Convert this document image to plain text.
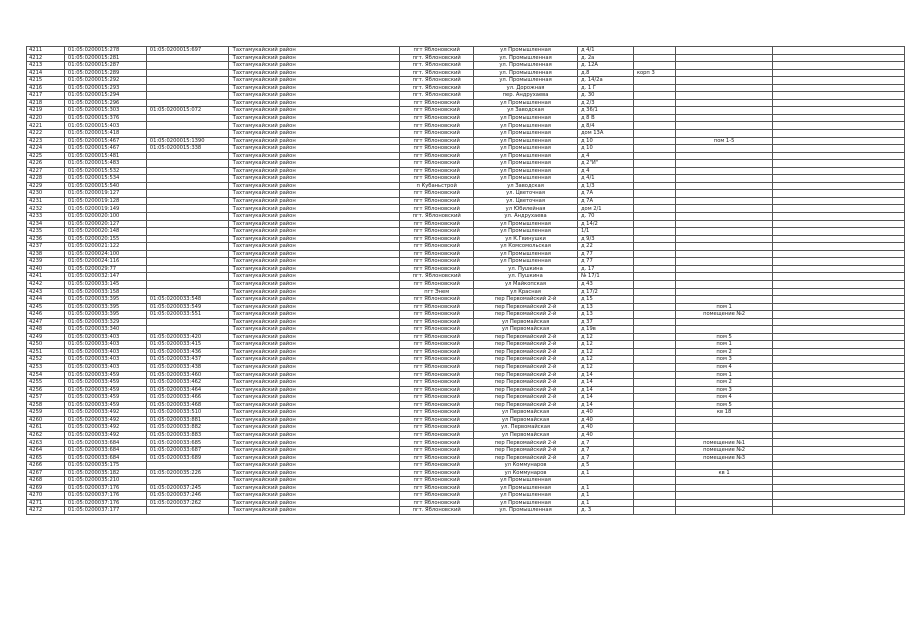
4211	01:05:0200015:278	01:05:0200015:697	Тахтамукайский район	пгт Яблоновский	ул Промышленная	д 4/1			
4212	01:05:0200015:281		Тахтамукайский район	пгт. Яблоновский	ул. Промышленная	д. 2а			
4213	01:05:0200015:287		Тахтамукайский район	пгт. Яблоновский	ул. Промышленная	д. 12А			
4214	01:05:0200015:289		Тахтамукайский район	пгт. Яблоновский	ул. Промышленная	д.8	корп 3		
4215	01:05:0200015:292		Тахтамукайский район	пгт. Яблоновский	ул. Промышленная	д. 14/2а			
4216	01:05:0200015:293		Тахтамукайский район	пгт. Яблоновский	ул. Дорожная	д. 1 Г			
4217	01:05:0200015:294		Тахтамукайский район	пгт. Яблоновский	пер. Андрухаева	д. 30			
4218	01:05:0200015:296		Тахтамукайский район	пгт Яблоновский	ул Промышленная	д 2/3			
4219	01:05:0200015:303	01:05:0200015:072	Тахтамукайский район	пгт Яблоновский	ул Заводская	д 36/1			
4220	01:05:0200015:376		Тахтамукайский район	пгт Яблоновский	ул Промышленная	д 8 В			
4221	01:05:0200015:403		Тахтамукайский район	пгт Яблоновский	ул Промышленная	д 8/4			
4222	01:05:0200015:418		Тахтамукайский район	пгт Яблоновский	ул Промышленная	дом 13А			
4223	01:05:0200015:467	01:05:0200015:1390	Тахтамукайский район	пгт Яблоновский	ул Промышленная	д 10		пом 1-5	
4224	01:05:0200015:467	01:05:0200015:338	Тахтамукайский район	пгт Яблоновский	ул Промышленная	д 10			
4225	01:05:0200015:481		Тахтамукайский район	пгт Яблоновский	ул Промышленная	д 4			
4226	01:05:0200015:483		Тахтамукайский район	пгт Яблоновский	ул Промышленная	д 2"И"			
4227	01:05:0200015:532		Тахтамукайский район	пгт Яблоновский	ул Промышленная	д 4			
4228	01:05:0200015:534		Тахтамукайский район	пгт Яблоновский	ул Промышленная	д 4/1			
4229	01:05:0200015:540		Тахтамукайский район	п Кубаньстрой	ул Заводская	д 1/3			
4230	01:05:0200019:127		Тахтамукайский район	пгт Яблоновский	ул. Цветочная	д 7А			
4231	01:05:0200019:128		Тахтамукайский район	пгт Яблоновский	ул. Цветочная	д 7А			
4232	01:05:0200019:149		Тахтамукайский район	пгт Яблоновский	ул Юбилейная	дом 2/1			
4233	01:05:0200020:100		Тахтамукайский район	пгт. Яблоновский	ул. Андрухаева	д. 70			
4234	01:05:0200020:127		Тахтамукайский район	пгт Яблоновский	ул Промышленная	д 14/2			
4235	01:05:0200020:148		Тахтамукайский район	пгт Яблоновский	ул Промышленная	1/1			
4236	01:05:0200020:155		Тахтамукайский район	пгт Яблоновский	ул К.Гвинушки	д 9/3			
4237	01:05:0200021:122		Тахтамукайский район	пгт Яблоновский	ул Комсомольская	д 22			
4238	01:05:0200024:100		Тахтамукайский район	пгт Яблоновский	ул Промышленная	д 77			
4239	01:05:0200024:116		Тахтамукайский район	пгт Яблоновский	ул Промышленная	д 77			
4240	01:05:0200029:77		Тахтамукайский район	пгт Яблоновский	ул. Пушкина	д. 17			
4241	01:05:0200032:147		Тахтамукайский район	пгт. Яблоновский	ул. Пушкина	№ 17/1			
4242	01:05:0200033:145		Тахтамукайский район	пгт Яблоновский	ул Майкопская	д 43			
4243	01:05:0200033:158		Тахтамукайский район	пгт Энем	ул Красная	д 17/2			
4244	01:05:0200033:395	01:05:0200033:548	Тахтамукайский район	пгт Яблоновский	пер Первомайский 2-й	д 15			
4245	01:05:0200033:395	01:05:0200033:549	Тахтамукайский район	пгт Яблоновский	пер Первомайский 2-й	д 13		пом 1	
4246	01:05:0200033:395	01:05:0200033:551	Тахтамукайский район	пгт Яблоновский	пер Первомайский 2-й	д 13		помещение №2	
4247	01:05:0200033:329		Тахтамукайский район	пгт Яблоновский	ул Первомайская	д 37			
4248	01:05:0200033:340		Тахтамукайский район	пгт Яблоновский	ул Первомайская	д 19в			
4249	01:05:0200033:403	01:05:0200033:420	Тахтамукайский район	пгт Яблоновский	пер Первомайский 2-й	д 12		пом 5	
4250	01:05:0200033:403	01:05:0200033:415	Тахтамукайский район	пгт Яблоновский	пер Первомайский 2-й	д 12		пом 1	
4251	01:05:0200033:403	01:05:0200033:436	Тахтамукайский район	пгт Яблоновский	пер Первомайский 2-й	д 12		пом 2	
4252	01:05:0200033:403	01:05:0200033:437	Тахтамукайский район	пгт Яблоновский	пер Первомайский 2-й	д 12		пом 3	
4253	01:05:0200033:403	01:05:0200033:438	Тахтамукайский район	пгт Яблоновский	пер Первомайский 2-й	д 12		пом 4	
4254	01:05:0200033:459	01:05:0200033:460	Тахтамукайский район	пгт Яблоновский	пер Первомайский 2-й	д 14		пом 1	
4255	01:05:0200033:459	01:05:0200033:462	Тахтамукайский район	пгт Яблоновский	пер Первомайский 2-й	д 14		пом 2	
4256	01:05:0200033:459	01:05:0200033:464	Тахтамукайский район	пгт Яблоновский	пер Первомайский 2-й	д 14		пом 3	
4257	01:05:0200033:459	01:05:0200033:466	Тахтамукайский район	пгт Яблоновский	пер Первомайский 2-й	д 14		пом 4	
4258	01:05:0200033:459	01:05:0200033:468	Тахтамукайский район	пгт Яблоновский	пер Первомайский 2-й	д 14		пом 5	
4259	01:05:0200033:492	01:05:0200033:510	Тахтамукайский район	пгт Яблоновский	ул Первомайская	д 40		кв 18	
4260	01:05:0200033:492	01:05:0200033:881	Тахтамукайский район	пгт Яблоновский	ул Первомайская	д 40			
4261	01:05:0200033:492	01:05:0200033:882	Тахтамукайский район	пгт Яблоновский	ул. Первомайская	д 40			
4262	01:05:0200033:492	01:05:0200033:883	Тахтамукайский район	пгт Яблоновский	ул Первомайская	д 40			
4263	01:05:0200033:684	01:05:0200033:685	Тахтамукайский район	пгт Яблоновский	пер Первомайский 2-й	д 7		помещение №1	
4264	01:05:0200033:684	01:05:0200033:687	Тахтамукайский район	пгт Яблоновский	пер Первомайский 2-й	д 7		помещение №2	
4265	01:05:0200033:684	01:05:0200033:689	Тахтамукайский район	пгт Яблоновский	пер Первомайский 2-й	д 7		помещение №3	
4266	01:05:0200035:175		Тахтамукайский район	пгт Яблоновский	ул Коммунаров	д 5			
4267	01:05:0200035:182	01:05:0200035:226	Тахтамукайский район	пгт Яблоновский	ул Коммунаров	д 1		кв 1	
4268	01:05:0200035:210		Тахтамукайский район	пгт Яблоновский	ул Промышленная				
4269	01:05:0200037:176	01:05:0200037:245	Тахтамукайский район	пгт Яблоновский	ул Промышленная	д 1			
4270	01:05:0200037:176	01:05:0200037:246	Тахтамукайский район	пгт Яблоновский	ул Промышленная	д 1			
4271	01:05:0200037:176	01:05:0200037:262	Тахтамукайский район	пгт Яблоновский	ул Промышленная	д 1			
4272	01:05:0200037:177		Тахтамукайский район	пгт. Яблоновский	ул. Промышленная	д. 3			
